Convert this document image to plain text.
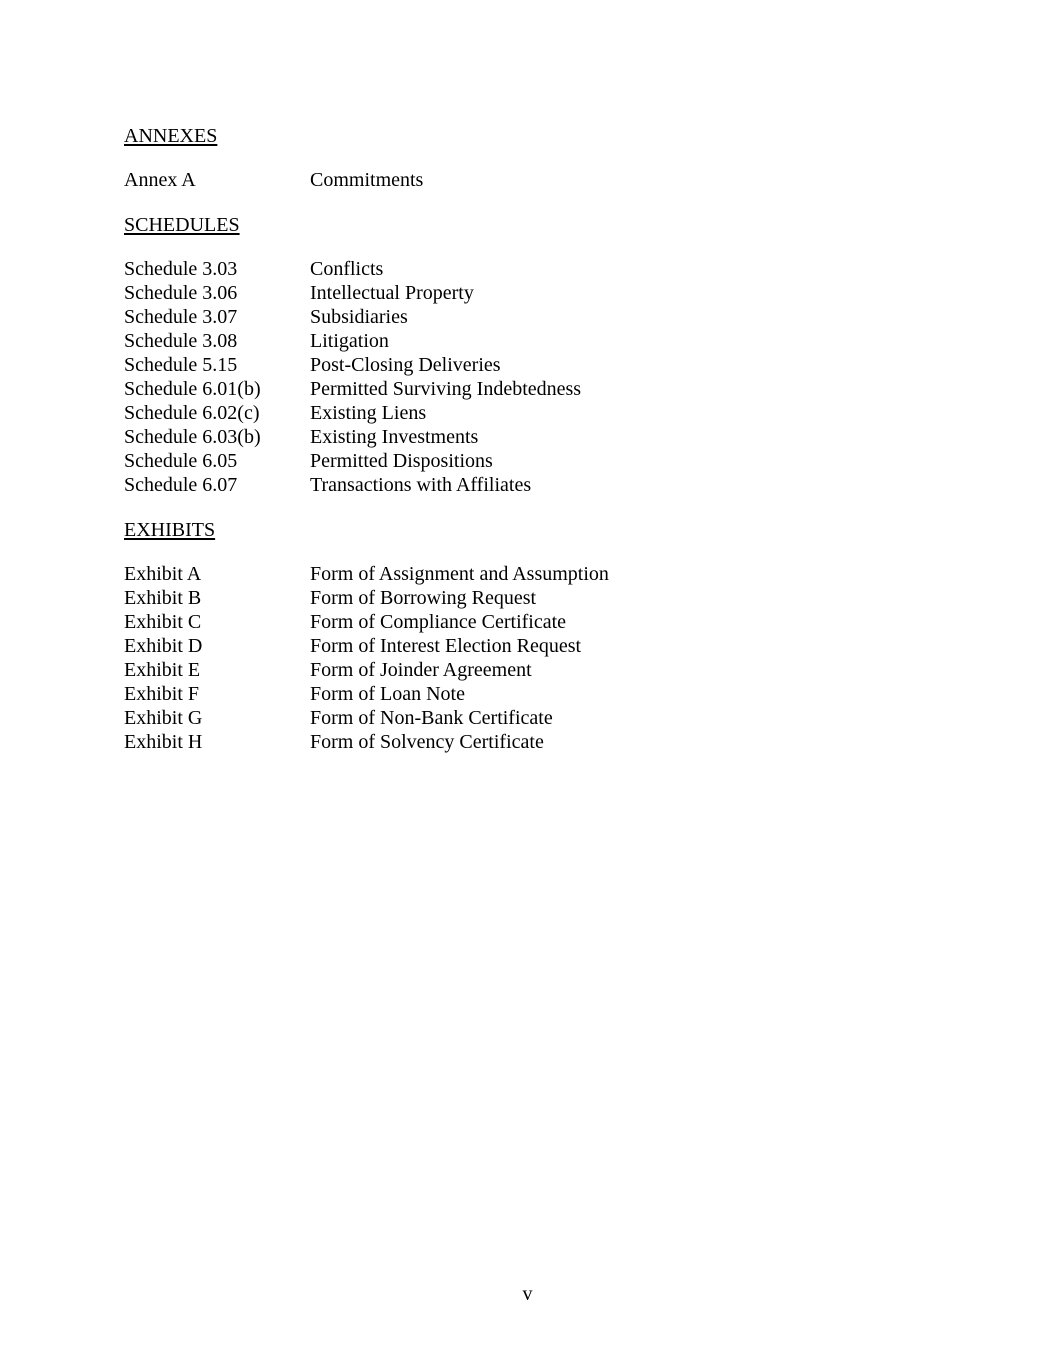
ANNEXES
Annex A	Commitments
SCHEDULES
Schedule 3.03	Conflicts
Schedule 3.06	Intellectual Property
Schedule 3.07	Subsidiaries
Schedule 3.08	Litigation
Schedule 5.15	Post-Closing Deliveries
Schedule 6.01(b)	Permitted Surviving Indebtedness
Schedule 6.02(c)	Existing Liens
Schedule 6.03(b)	Existing Investments
Schedule 6.05	Permitted Dispositions
Schedule 6.07	Transactions with Affiliates
EXHIBITS
Exhibit A	Form of Assignment and Assumption
Exhibit B	Form of Borrowing Request
Exhibit C	Form of Compliance Certificate
Exhibit D	Form of Interest Election Request
Exhibit E	Form of Joinder Agreement
Exhibit F	Form of Loan Note
Exhibit G	Form of Non-Bank Certificate
Exhibit H	Form of Solvency Certificate
v
